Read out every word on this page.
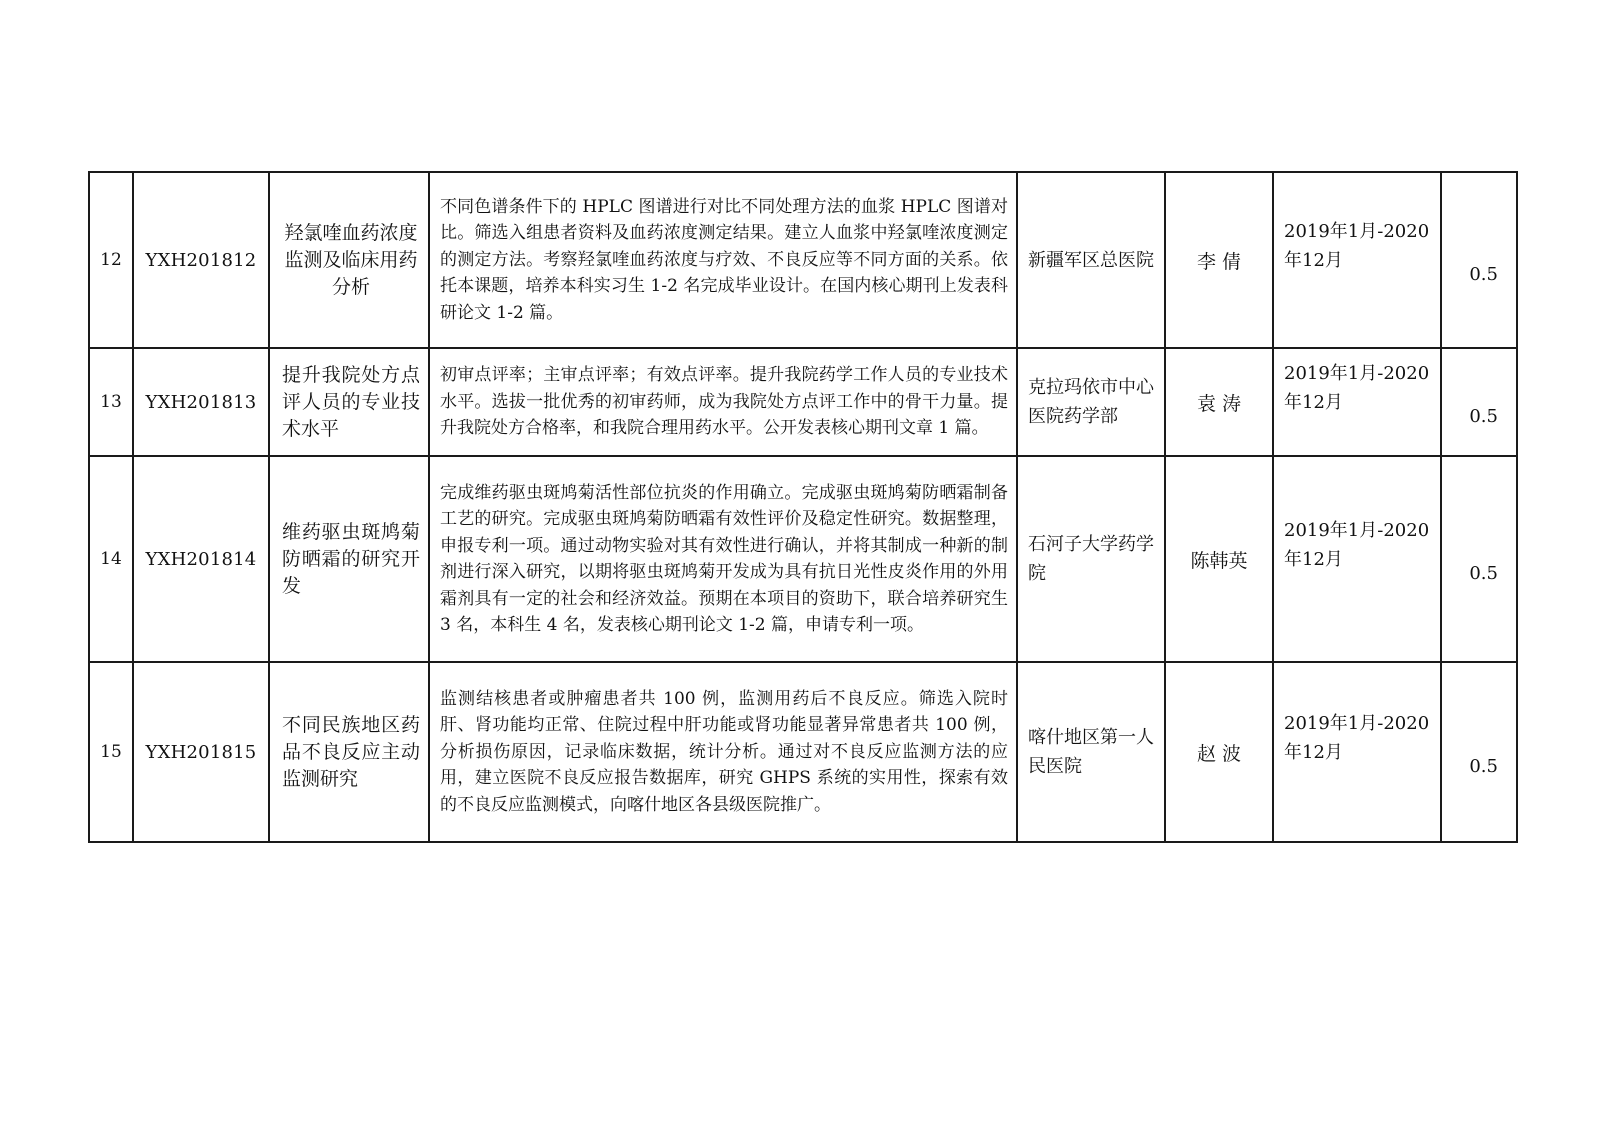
12	YXH201812	羟氯喹血药浓度监测及临床用药分析	不同色谱条件下的 HPLC 图谱进行对比不同处理方法的血浆 HPLC 图谱对比。筛选入组患者资料及血药浓度测定结果。建立人血浆中羟氯喹浓度测定的测定方法。考察羟氯喹血药浓度与疗效、不良反应等不同方面的关系。依托本课题，培养本科实习生 1-2 名完成毕业设计。在国内核心期刊上发表科研论文 1-2 篇。	新疆军区总医院	李 倩	2019年1月-2020年12月	0.5
13	YXH201813	提升我院处方点评人员的专业技术水平	初审点评率；主审点评率；有效点评率。提升我院药学工作人员的专业技术水平。选拔一批优秀的初审药师，成为我院处方点评工作中的骨干力量。提升我院处方合格率，和我院合理用药水平。公开发表核心期刊文章 1 篇。	克拉玛依市中心医院药学部	袁 涛	2019年1月-2020年12月	0.5
14	YXH201814	维药驱虫斑鸠菊防晒霜的研究开发	完成维药驱虫斑鸠菊活性部位抗炎的作用确立。完成驱虫斑鸠菊防晒霜制备工艺的研究。完成驱虫斑鸠菊防晒霜有效性评价及稳定性研究。数据整理，申报专利一项。通过动物实验对其有效性进行确认，并将其制成一种新的制剂进行深入研究，以期将驱虫斑鸠菊开发成为具有抗日光性皮炎作用的外用霜剂具有一定的社会和经济效益。预期在本项目的资助下，联合培养研究生 3 名，本科生 4 名，发表核心期刊论文 1-2 篇，申请专利一项。	石河子大学药学院	陈韩英	2019年1月-2020年12月	0.5
15	YXH201815	不同民族地区药品不良反应主动监测研究	监测结核患者或肿瘤患者共 100 例，监测用药后不良反应。筛选入院时肝、肾功能均正常、住院过程中肝功能或肾功能显著异常患者共 100 例，分析损伤原因，记录临床数据，统计分析。通过对不良反应监测方法的应用，建立医院不良反应报告数据库，研究 GHPS 系统的实用性，探索有效的不良反应监测模式，向喀什地区各县级医院推广。	喀什地区第一人民医院	赵 波	2019年1月-2020年12月	0.5
